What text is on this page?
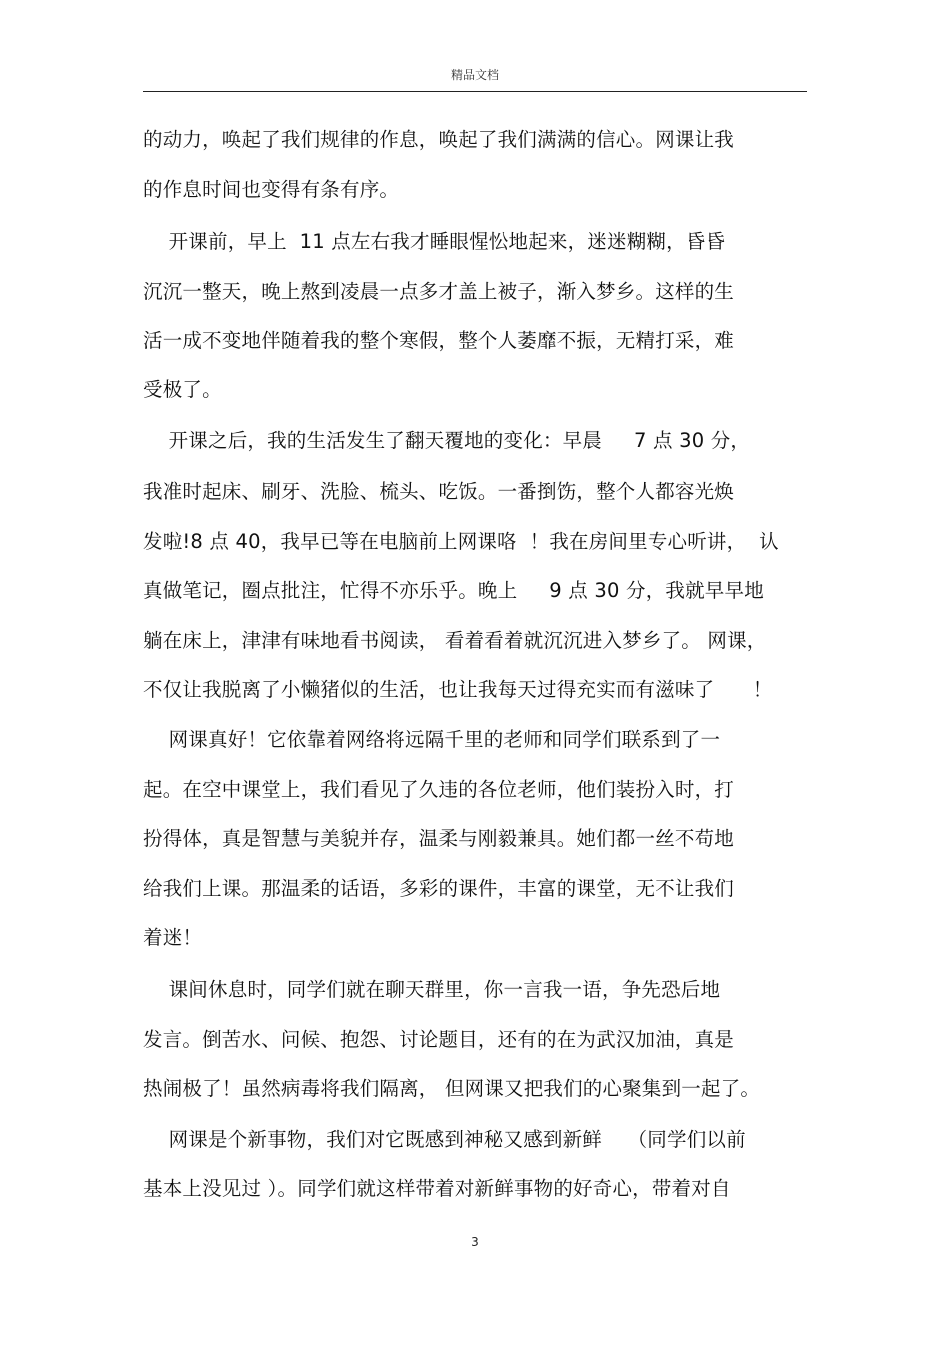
精品文档
的动力，唤起了我们规律的作息，唤起了我们满满的信心。网课让我
的作息时间也变得有条有序。
开课前，早上  11 点左右我才睡眼惺忪地起来，迷迷糊糊，昏昏
沉沉一整天，晚上熬到凌晨一点多才盖上被子，渐入梦乡。这样的生
活一成不变地伴随着我的整个寒假，整个人萎靡不振，无精打采，难
受极了。
开课之后，我的生活发生了翻天覆地的变化：早晨     7 点 30 分，
我准时起床、刷牙、洗脸、梳头、吃饭。一番捯饬，整个人都容光焕
发啦!8 点 40，我早已等在电脑前上网课咯  ！我在房间里专心听讲，  认
真做笔记，圈点批注，忙得不亦乐乎。晚上     9 点 30 分，我就早早地
躺在床上，津津有味地看书阅读， 看着看着就沉沉进入梦乡了。 网课，
不仅让我脱离了小懒猪似的生活，也让我每天过得充实而有滋味了      ！
网课真好！它依靠着网络将远隔千里的老师和同学们联系到了一
起。在空中课堂上，我们看见了久违的各位老师，他们装扮入时，打
扮得体，真是智慧与美貌并存，温柔与刚毅兼具。她们都一丝不苟地
给我们上课。那温柔的话语，多彩的课件，丰富的课堂，无不让我们
着迷！
课间休息时，同学们就在聊天群里，你一言我一语，争先恐后地
发言。倒苦水、问候、抱怨、讨论题目，还有的在为武汉加油，真是
热闹极了！虽然病毒将我们隔离， 但网课又把我们的心聚集到一起了。
网课是个新事物，我们对它既感到神秘又感到新鲜    （同学们以前
基本上没见过 ）。同学们就这样带着对新鲜事物的好奇心，带着对自
3
